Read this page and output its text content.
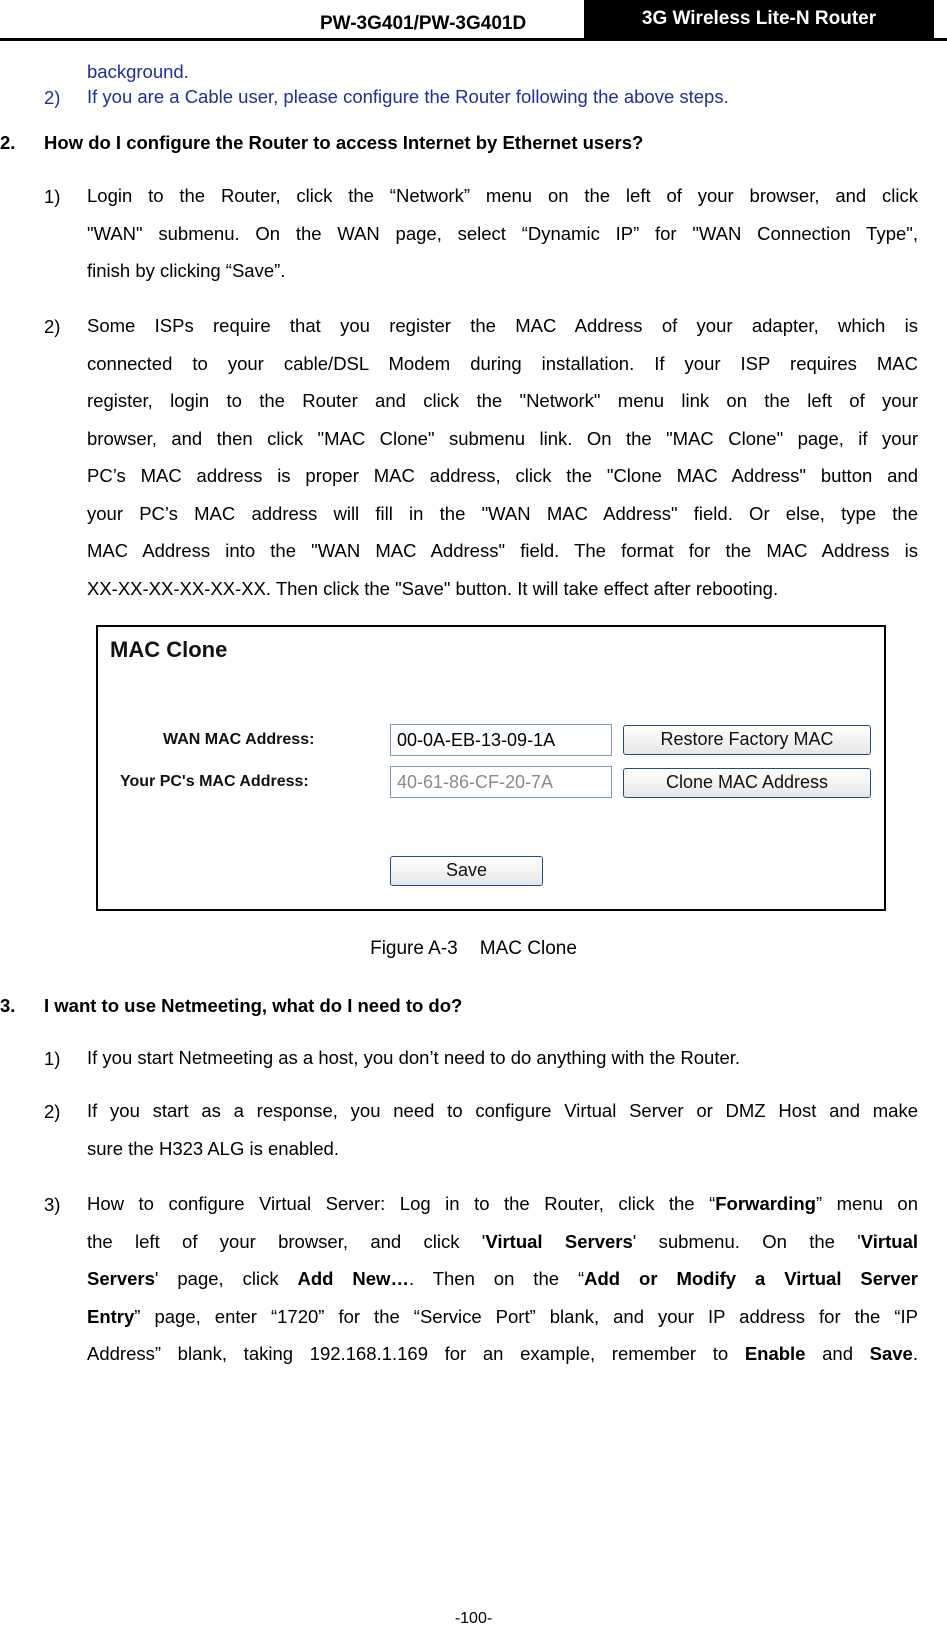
PW-3G401/PW-3G401D	3G Wireless Lite-N Router
background.
2) If you are a Cable user, please configure the Router following the above steps.
2. How do I configure the Router to access Internet by Ethernet users?
1) Login to the Router, click the “Network” menu on the left of your browser, and click
"WAN" submenu. On the WAN page, select “Dynamic IP” for "WAN Connection Type",
finish by clicking “Save”.
2) Some ISPs require that you register the MAC Address of your adapter, which is
connected to your cable/DSL Modem during installation. If your ISP requires MAC
register, login to the Router and click the "Network" menu link on the left of your
browser, and then click "MAC Clone" submenu link. On the "MAC Clone" page, if your
PC’s MAC address is proper MAC address, click the "Clone MAC Address" button and
your PC’s MAC address will fill in the "WAN MAC Address" field. Or else, type the
MAC Address into the "WAN MAC Address" field. The format for the MAC Address is
XX-XX-XX-XX-XX-XX. Then click the "Save" button. It will take effect after rebooting.
MAC Clone
WAN MAC Address:
00-0A-EB-13-09-1A	Restore Factory MAC
Your PC's MAC Address:
40-61-86-CF-20-7A	Clone MAC Address
Save
Figure A-3 MAC Clone
3. I want to use Netmeeting, what do I need to do?
1) If you start Netmeeting as a host, you don’t need to do anything with the Router.
2) If you start as a response, you need to configure Virtual Server or DMZ Host and make
sure the H323 ALG is enabled.
3) How to configure Virtual Server: Log in to the Router, click the “Forwarding” menu on
the left of your browser, and click 'Virtual Servers' submenu. On the 'Virtual
Servers' page, click Add New…. Then on the “Add or Modify a Virtual Server
Entry” page, enter “1720” for the “Service Port” blank, and your IP address for the “IP
Address” blank, taking 192.168.1.169 for an example, remember to Enable and Save.
-100-
